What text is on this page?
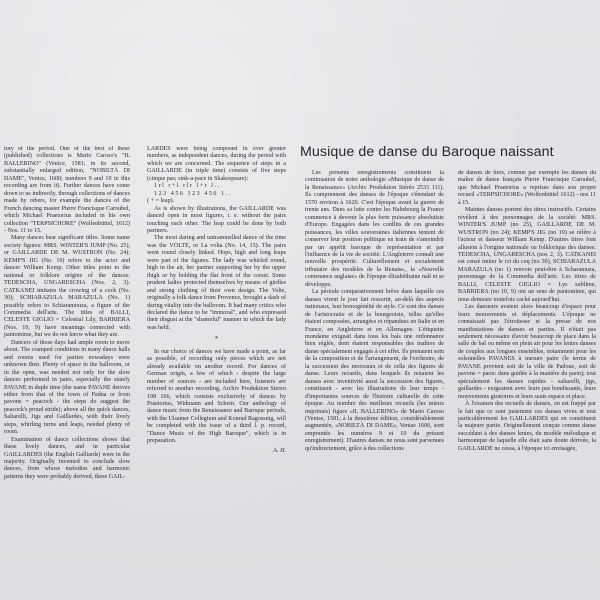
tory of the period. One of the best of these (published) collections is Mario Caroso's "IL BALLERINO" (Venice, 1581; in its second, substantially enlarged edition, "NOBILTÀ DI DAME", Venice, 1600; numbers 9 and 10 in this recording are from it). Further dances have come down to us indirectly, through collections of dances made by others, for example the dances of the French dancing master Pierre Francisque Caroubel, which Michael Praetorius included in his own collection "TERPSICHORE" (Wolfenbüttel, 1612) - Nos. 11 to 15.

Many dances bear significant titles. Some name society figures: MRS. WINTER'S JUMP (No. 25), or GAILLARDE DE M. WUSTRON (No. 24); KEMP'S JIG (No. 19) refers to the actor and dancer William Kemp. Other titles point to the national or folklore origins of the dances: TEDESCHA, UNGARESCHA (Nos. 2, 3). CATKANEI imitates the crowing of a cock (No. 30); SCHIARAZULA MARAZULA (No. 1) possibly refers to Schiaramouza, a figure of the Commedia dell'arte. The titles of BALLI, CELESTE GIGLIO = Celestial Lily, BARRIERA (Nos. 10, 9) have meanings connected with pantomime, but we do not know what they are.

Dancers of those days had ample room to move about. The cramped conditions in many dance halls and rooms used for parties nowadays were unknown then. Plenty of space in the ballroom, or in the open, was needed not only for the slow dances performed in pairs, especially the stately PAVANE in duple time (the name PAVANE derives either from that of the town of Padua or from pavone = peacock - the steps do suggest the peacock's proud stride); above all the quick dances, Saltarelli, Jigs and Gaillardes, with their lively steps, whirling turns and leaps, needed plenty of room.

Examination of dance collections shows that these lively dances, and in particular GAILLARDES (the English Galliards) were in the majority. Originally invented to conclude slow dances, from whose melodies and harmonic patterns they were probably derived, these GAIL-

LARDES were being composed in ever greater numbers, as independent dances, during the period with which we are concerned. The sequence of steps in a GAILLARDE (in triple time) consists of five steps (cinque pas; sink-a-pace in Shakespeare):

1 r l   r + l   r l r   l + r   l . .

1 2 3   4 5 6   1 2 3   4 5 6   1 . .

( + = leap).

As is shown by illustrations, the GAILLARDE was danced open in most figures, i. e. without the pairs touching each other. The leap could be done by both partners.

The most daring and untrammelled dance of the time was the VOLTE, or La volta (No. 14, 15). The pairs went round closely linked. Hops, high and long leaps were part of the figures. The lady was whirled round, high in the air, her partner supporting her by the upper thigh or by holding the flat front of the corset. Some prudent ladies protected themselves by means of girdles and strong clothing of their own design. The Volte, originally a folk dance from Provence, brought a dash of daring vitality into the ballroom. It had many critics who declared the dance to be "immoral", and who expressed their disgust at the "shameful" manner in which the lady was held.

*

In our choice of dances we have made a point, as far as possible, of recording only pieces which are not already available on another record. For dances of German origin, a few of which - despite the large number of sources - are included here, listeners are referred to another recording, Archiv Produktion Stereo 198 166, which consists exclusively of dances by Praetorius, Widmann and Schein. Our anthology of dance music from the Renaissance and Baroque periods, with the Ulsamer Collegium and Konrad Ragossnig, will be completed with the issue of a third l. p. record, "Dance Music of the High Baroque", which is in preparation.

A. H.
Musique de danse du Baroque naissant

Les présents enregistrements constituent la continuation de notre anthologie «Musique de danse de la Renaissance» (Archiv Produktion Stéréo 2533 111). Ils comprennent des danses de l'époque s'étendant de 1570 environ à 1620. C'est l'époque avant la guerre de trente ans. Dans sa lutte contre les Habsbourg la France commence à devenir la plus forte puissance absolutiste d'Europe. Engagées dans les conflits de ces grandes puissances, les villes souveraines italiennes tentent de conserver leur position politique en train de s'amoindrir par un appétit baroque de représentation et par l'influence de la vie de société. L'Angleterre connaît une nouvelle prospérité. Culturellement et socialement tributaire des modèles de la Renaiss., la «Nouvelle contenance anglaise» de l'époque élisabéthaine naît et se développe.

La période comparativement brève dans laquelle ces danses virent le jour fait ressortir, au-delà des aspects nationaux, leur homogénéité de style. Ce sont des danses de l'aristocratie et de la bourgeoisie, telles qu'elles étaient composées, arrangées et répandues en Italie et en France, en Angleterre et en Allemagne. L'étiquette mondaine exigeait dans tous les bals une ordonnance bien réglée, dont étaient responsables des maîtres de danse spécialement engagés à cet effet. Ils prenaient soin de la composition et de l'arrangement, de l'orchestre, de la succession des morceaux et de celle des figures de danse. Leurs recueils, dans lesquels ils notaient les danses avec inventivité aussi la succession des figures, constituent - avec les illustrations de leur temps - d'importantes sources de l'histoire culturelle de cette époque. Au nombre des meilleurs recueils (les mieux imprimés) figure «IL BALLERINO» de Mario Caroso (Venise, 1581; à la deuxième édition, considérablement augmentée, «NOBILTÀ DI DAME», Venise 1600, sont empruntés les numéros 9 et 10 du présent enregistrement). D'autres danses ne nous sont parvenues qu'indirectement, grâce à des collections

de danses de tiers, comme par exemple les danses du maître de danse français Pierre Francisque Caroubel, que Michael Praetorius a reprises dans son propre recueil «TERPSICHORE» (Wolfenbüttel 1612) - nos 11 à 15.

Maintes danses portent des titres instructifs. Certains révèlent à des personnages de la société: MRS. WINTER'S JUMP (no 25), GAILLARDE DE M. WUSTRON (no 24); KEMP'S JIG (no 19) se réfère à l'acteur et danseur William Kemp. D'autres titres font allusion à l'origine nationale ou folklorique des danses: TEDESCHA, UNGARESCHA (nos 2, 3). CATKANEI est censé imiter le cri du coq (no 30), SCHIARAZULA MARAZULA (no 1) renvoie peut-être à Scharamuza, personnage de la Commedia dell'arte. Les titres de BALLI, CELESTE GIGLIO = Lys sublime, BARRIERA (no 10, 9) ont un sens de pantomime, qui nous demeure toutefois caché aujourd'hui.

Les danseurs avaient alors beaucoup d'espace pour leurs mouvements et déplacements. L'époque ne connaissait pas l'étroitesse et la presse de nos manifestations de danses et parties. Il n'était pas seulement nécessaire d'avoir beaucoup de place dans la salle de bal ou même en plein air pour les lentes danses de couples aux longues ensembles, notamment pour les solennelles PAVANES à mesure paire (le terme de PAVANE provient soit de la ville de Padoue, soit de pavone = paon: dans guidée à la manière du paon); tout spécialement les danses rapides - saltarelli, jigs, gaillardes - exigeaient avec leurs pas bondissants, leurs mouvements giratoires et leurs sauts espace et place.

À l'examen des recueils de danses, on est frappé par le fait que ce sont justement ces danses vives et tout particulièrement les GAILLARDES qui en constituent la majeure partie. Originellement conçue comme danse succédant à des danses lentes, du modèle mélodique et harmonique de laquelle elle était sans doute dérivée, la GAILLARDE ne cessa, à l'époque ici envisagée,
